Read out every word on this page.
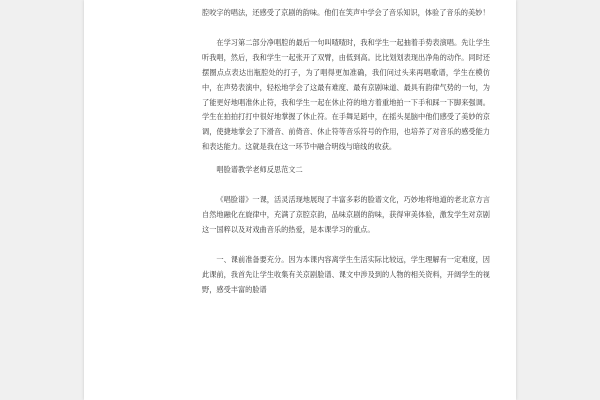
腔咬字的唱法，还感受了京剧的韵味。他们在笑声中学会了音乐知识，体验了音乐的美妙！

在学习第二部分净唱腔的最后一句叫喳喳时，我和学生一起抽着手势表演唱。先让学生听我唱，然后，我和学生一起张开了双臂，由低到高。比比划划表现出净角的动作。同时还摆圈点点表达出瓶腔处的打子，为了唱得更加准确，我们问过头来再唱歌谱，学生在模仿中，在声势表演中，轻松地学会了这最有难度、最有京剧味道、最具有韵律气势的一句，为了能更好地唱准休止符，我和学生一起在休止符的地方着重地拍一下手和踩一下脚来强调。学生在拍拍打打中很好地掌握了休止符。在手舞足蹈中，在摇头晃脑中他们感受了美妙的京调，使捷地掌会了下滑音、前倚音、休止符等音乐符号的作用，也培养了对音乐的感受能力和表达能力。这就是我在这一环节中融合明线与暗线的收获。

唱脸谱教学老师反思范文二

《唱脸谱》一课，活灵活现地展现了丰富多彩的脸谱文化，巧妙地将地道的老北京方言自然地融化在旋律中，充满了京腔京韵，品味京剧的韵味，获得审美体验，激发学生对京剧这一国粹以及对戏曲音乐的热爱，是本课学习的重点。

一、课前准备要充分。因为本课内容离学生生活实际比较远，学生理解有一定难度，因此课前，我首先让学生收集有关京剧脸谱、课文中涉及到的人物的相关资料，开阔学生的视野，感受丰富的脸谱
